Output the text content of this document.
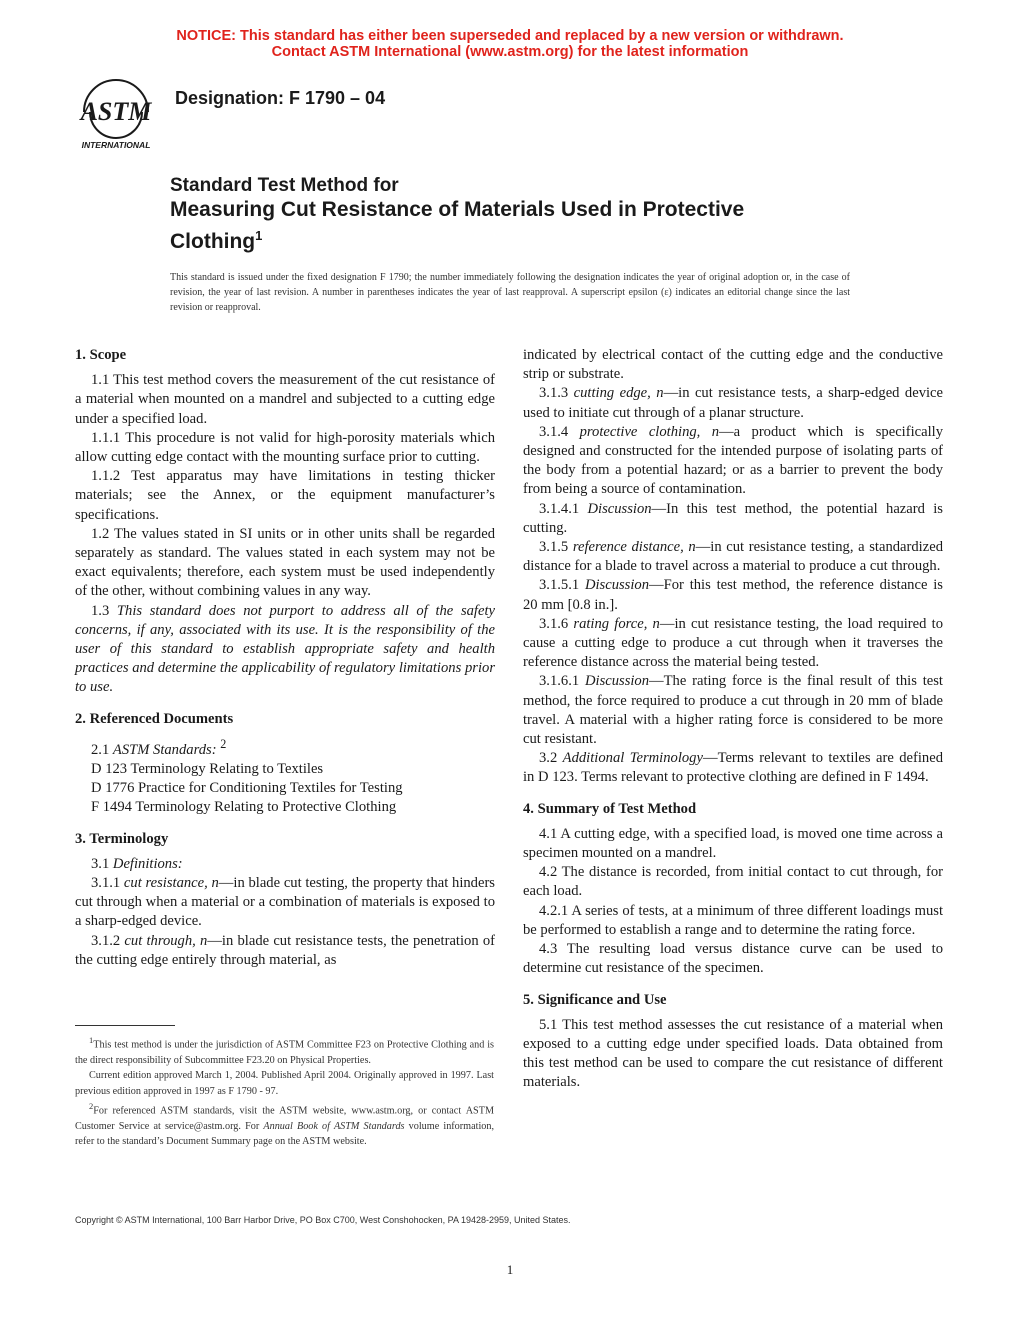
NOTICE: This standard has either been superseded and replaced by a new version or withdrawn.
Contact ASTM International (www.astm.org) for the latest information
ASTM
INTERNATIONAL
Designation: F 1790 – 04
Standard Test Method for
Measuring Cut Resistance of Materials Used in Protective
Clothing$^1$
This standard is issued under the fixed designation F 1790; the number immediately following the designation indicates the year of original adoption or, in the case of revision, the year of last revision. A number in parentheses indicates the year of last reapproval. A superscript epsilon (ε) indicates an editorial change since the last revision or reapproval.
1. Scope

1.1 This test method covers the measurement of the cut resistance of a material when mounted on a mandrel and subjected to a cutting edge under a specified load.

1.1.1 This procedure is not valid for high-porosity materials which allow cutting edge contact with the mounting surface prior to cutting.

1.1.2 Test apparatus may have limitations in testing thicker materials; see the Annex, or the equipment manufacturer’s specifications.

1.2 The values stated in SI units or in other units shall be regarded separately as standard. The values stated in each system may not be exact equivalents; therefore, each system must be used independently of the other, without combining values in any way.

1.3 This standard does not purport to address all of the safety concerns, if any, associated with its use. It is the responsibility of the user of this standard to establish appropriate safety and health practices and determine the applicability of regulatory limitations prior to use.

2. Referenced Documents

2.1 ASTM Standards: $^2$

D 123 Terminology Relating to Textiles

D 1776 Practice for Conditioning Textiles for Testing

F 1494 Terminology Relating to Protective Clothing

3. Terminology

3.1 Definitions:

3.1.1 cut resistance, n—in blade cut testing, the property that hinders cut through when a material or a combination of materials is exposed to a sharp-edged device.

3.1.2 cut through, n—in blade cut resistance tests, the penetration of the cutting edge entirely through material, as

$^1$This test method is under the jurisdiction of ASTM Committee F23 on Protective Clothing and is the direct responsibility of Subcommittee F23.20 on Physical Properties.

Current edition approved March 1, 2004. Published April 2004. Originally approved in 1997. Last previous edition approved in 1997 as F 1790 - 97.

$^2$For referenced ASTM standards, visit the ASTM website, www.astm.org, or contact ASTM Customer Service at service@astm.org. For Annual Book of ASTM Standards volume information, refer to the standard’s Document Summary page on the ASTM website.

indicated by electrical contact of the cutting edge and the conductive strip or substrate.

3.1.3 cutting edge, n—in cut resistance tests, a sharp-edged device used to initiate cut through of a planar structure.

3.1.4 protective clothing, n—a product which is specifically designed and constructed for the intended purpose of isolating parts of the body from a potential hazard; or as a barrier to prevent the body from being a source of contamination.

3.1.4.1 Discussion—In this test method, the potential hazard is cutting.

3.1.5 reference distance, n—in cut resistance testing, a standardized distance for a blade to travel across a material to produce a cut through.

3.1.5.1 Discussion—For this test method, the reference distance is 20 mm [0.8 in.].

3.1.6 rating force, n—in cut resistance testing, the load required to cause a cutting edge to produce a cut through when it traverses the reference distance across the material being tested.

3.1.6.1 Discussion—The rating force is the final result of this test method, the force required to produce a cut through in 20 mm of blade travel. A material with a higher rating force is considered to be more cut resistant.

3.2 Additional Terminology—Terms relevant to textiles are defined in D 123. Terms relevant to protective clothing are defined in F 1494.

4. Summary of Test Method

4.1 A cutting edge, with a specified load, is moved one time across a specimen mounted on a mandrel.

4.2 The distance is recorded, from initial contact to cut through, for each load.

4.2.1 A series of tests, at a minimum of three different loadings must be performed to establish a range and to determine the rating force.

4.3 The resulting load versus distance curve can be used to determine cut resistance of the specimen.

5. Significance and Use

5.1 This test method assesses the cut resistance of a material when exposed to a cutting edge under specified loads. Data obtained from this test method can be used to compare the cut resistance of different materials.

Copyright © ASTM International, 100 Barr Harbor Drive, PO Box C700, West Conshohocken, PA 19428-2959, United States.
1
